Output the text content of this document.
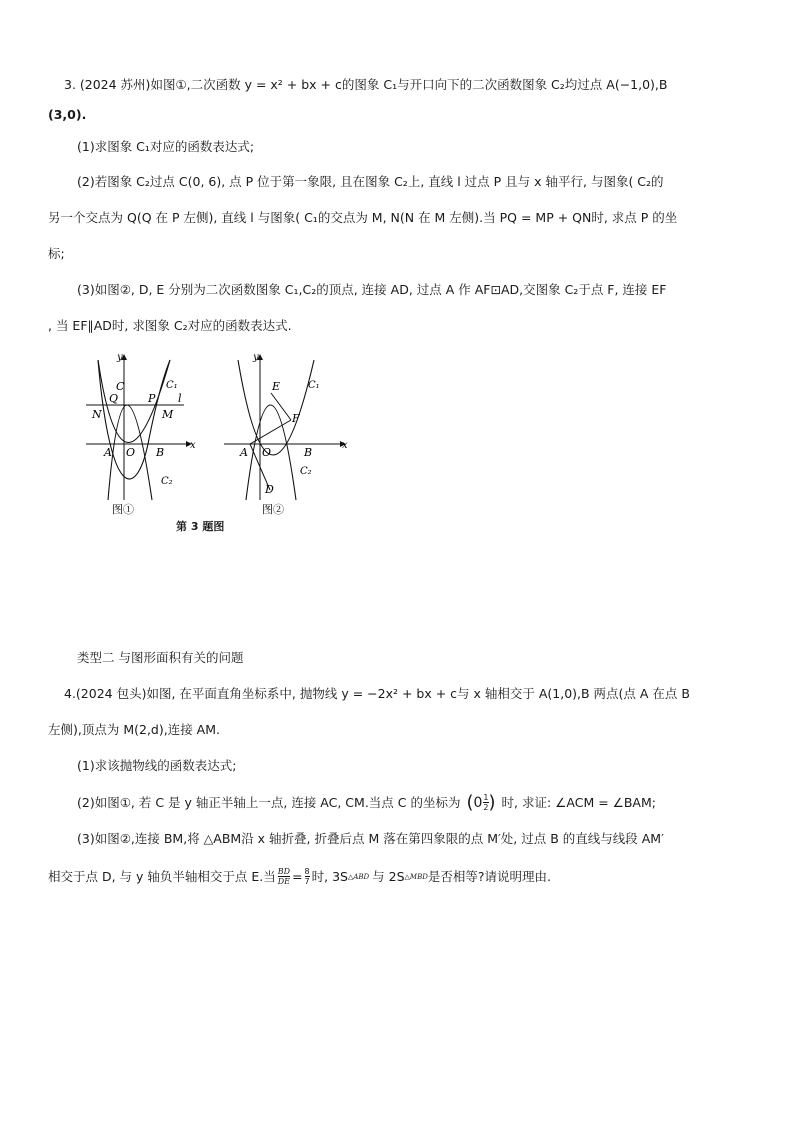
3. (2024 苏州)如图①,二次函数 y = x² + bx + c的图象 C₁与开口向下的二次函数图象 C₂均过点 A(−1,0),B
(3,0).
(1)求图象 C₁对应的函数表达式;
(2)若图象 C₂过点 C(0, 6), 点 P 位于第一象限, 且在图象 C₂上, 直线 l 过点 P 且与 x 轴平行, 与图象( C₂的
另一个交点为 Q(Q 在 P 左侧), 直线 l 与图象( C₁的交点为 M, N(N 在 M 左侧).当 PQ = MP + QN时, 求点 P 的坐
标;
(3)如图②, D, E 分别为二次函数图象 C₁,C₂的顶点, 连接 AD, 过点 A 作 AF⊡AD,交图象 C₂于点 F, 连接 EF
, 当 EF∥AD时, 求图象 C₂对应的函数表达式.
C
Q	P
C₁
l
N	M
A O B
C₂
x
y
图①
E	C₁
F
A O	B
C₂
D
x
y
图②
第 3 题图
类型二 与图形面积有关的问题
4.(2024 包头)如图, 在平面直角坐标系中, 抛物线 y = −2x² + bx + c与 x 轴相交于 A(1,0),B 两点(点 A 在点 B
左侧),顶点为 M(2,d),连接 AM.
(1)求该抛物线的函数表达式;
(2)如图①, 若 C 是 y 轴正半轴上一点, 连接 AC, CM.当点 C 的坐标为 ( $0 \frac{1}{2}$ ) 时, 求证: ∠ACM = ∠BAM;
(3)如图②,连接 BM,将 △ABM沿 x 轴折叠, 折叠后点 M 落在第四象限的点 M′处, 过点 B 的直线与线段 AM′
相交于点 D, 与 y 轴负半轴相交于点 E.当 $\frac{BD}{DE} = \frac{8}{7}$ 时, 3S △ABD 与 2S △MBD 是否相等?请说明理由.
